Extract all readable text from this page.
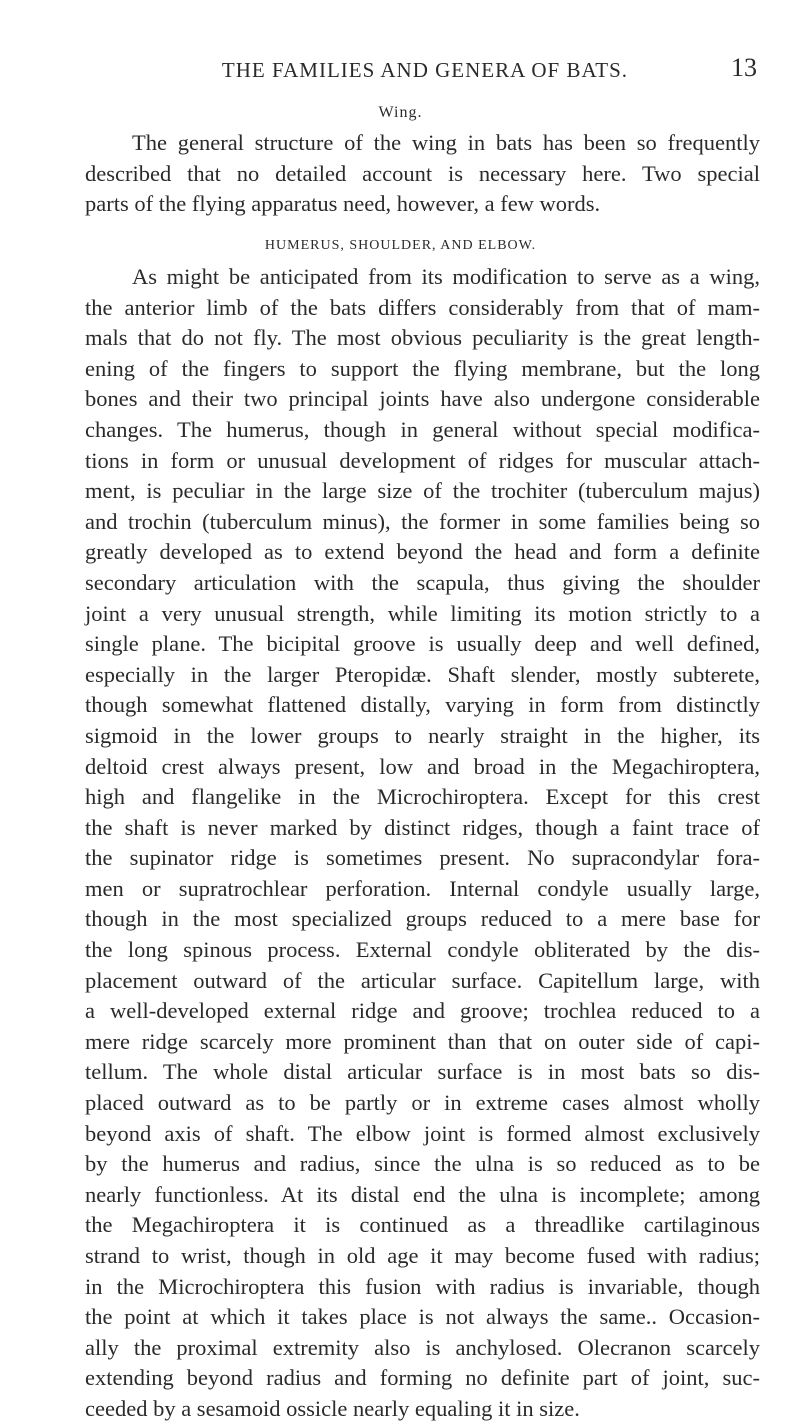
THE FAMILIES AND GENERA OF BATS.	13
Wing.
The general structure of the wing in bats has been so frequently
described that no detailed account is necessary here. Two special
parts of the flying apparatus need, however, a few words.
HUMERUS, SHOULDER, AND ELBOW.
As might be anticipated from its modification to serve as a wing,
the anterior limb of the bats differs considerably from that of mam-
mals that do not fly. The most obvious peculiarity is the great length-
ening of the fingers to support the flying membrane, but the long
bones and their two principal joints have also undergone considerable
changes. The humerus, though in general without special modifica-
tions in form or unusual development of ridges for muscular attach-
ment, is peculiar in the large size of the trochiter (tuberculum majus)
and trochin (tuberculum minus), the former in some families being so
greatly developed as to extend beyond the head and form a definite
secondary articulation with the scapula, thus giving the shoulder
joint a very unusual strength, while limiting its motion strictly to a
single plane. The bicipital groove is usually deep and well defined,
especially in the larger Pteropidæ. Shaft slender, mostly subterete,
though somewhat flattened distally, varying in form from distinctly
sigmoid in the lower groups to nearly straight in the higher, its
deltoid crest always present, low and broad in the Megachiroptera,
high and flangelike in the Microchiroptera. Except for this crest
the shaft is never marked by distinct ridges, though a faint trace of
the supinator ridge is sometimes present. No supracondylar fora-
men or supratrochlear perforation. Internal condyle usually large,
though in the most specialized groups reduced to a mere base for
the long spinous process. External condyle obliterated by the dis-
placement outward of the articular surface. Capitellum large, with
a well-developed external ridge and groove; trochlea reduced to a
mere ridge scarcely more prominent than that on outer side of capi-
tellum. The whole distal articular surface is in most bats so dis-
placed outward as to be partly or in extreme cases almost wholly
beyond axis of shaft. The elbow joint is formed almost exclusively
by the humerus and radius, since the ulna is so reduced as to be
nearly functionless. At its distal end the ulna is incomplete; among
the Megachiroptera it is continued as a threadlike cartilaginous
strand to wrist, though in old age it may become fused with radius;
in the Microchiroptera this fusion with radius is invariable, though
the point at which it takes place is not always the same.. Occasion-
ally the proximal extremity also is anchylosed. Olecranon scarcely
extending beyond radius and forming no definite part of joint, suc-
ceeded by a sesamoid ossicle nearly equaling it in size.
